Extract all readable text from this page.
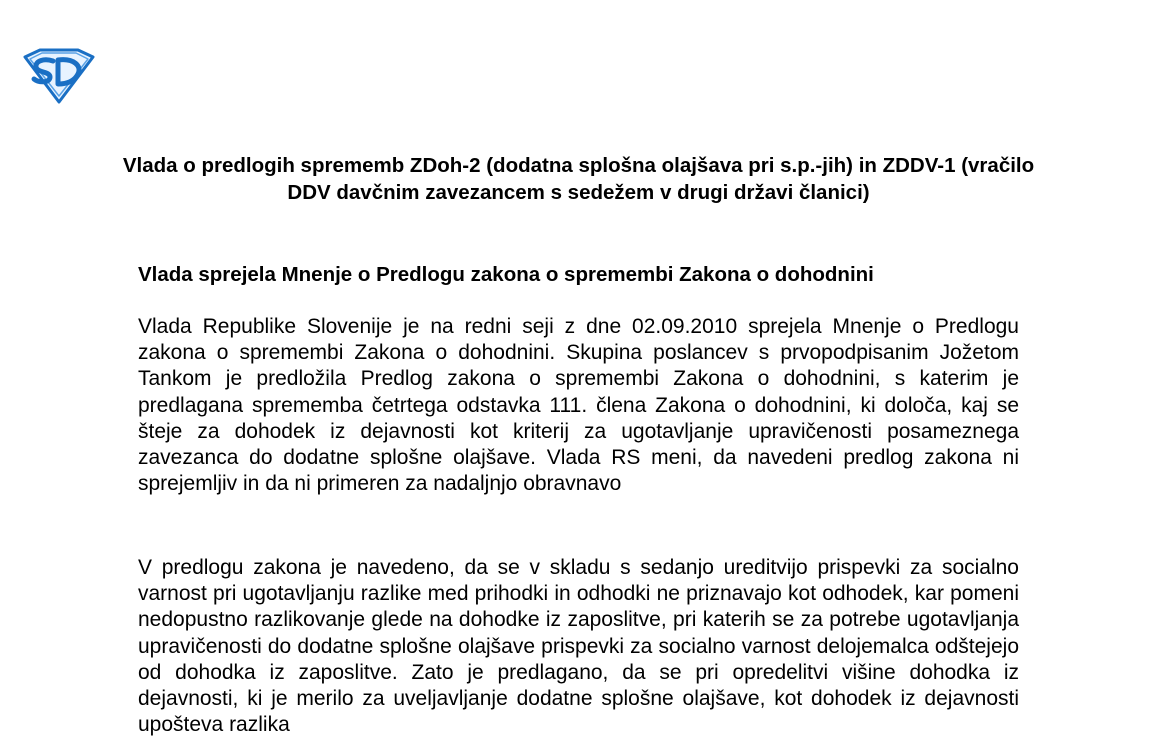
Vlada o predlogih sprememb ZDoh-2 (dodatna splošna olajšava pri s.p.-jih) in ZDDV-1 (vračilo DDV davčnim zavezancem s sedežem v drugi državi članici)
Vlada sprejela Mnenje o Predlogu zakona o spremembi Zakona o dohodnini

Vlada Republike Slovenije je na redni seji z dne 02.09.2010 sprejela Mnenje o Predlogu zakona o spremembi Zakona o dohodnini. Skupina poslancev s prvopodpisanim Jožetom Tankom je predložila Predlog zakona o spremembi Zakona o dohodnini, s katerim je predlagana sprememba četrtega odstavka 111. člena Zakona o dohodnini, ki določa, kaj se šteje za dohodek iz dejavnosti kot kriterij za ugotavljanje upravičenosti posameznega zavezanca do dodatne splošne olajšave. Vlada RS meni, da navedeni predlog zakona ni sprejemljiv in da ni primeren za nadaljnjo obravnavo

V predlogu zakona je navedeno, da se v skladu s sedanjo ureditvijo prispevki za socialno varnost pri ugotavljanju razlike med prihodki in odhodki ne priznavajo kot odhodek, kar pomeni nedopustno razlikovanje glede na dohodke iz zaposlitve, pri katerih se za potrebe ugotavljanja upravičenosti do dodatne splošne olajšave prispevki za socialno varnost delojemalca odštejejo od dohodka iz zaposlitve. Zato je predlagano, da se pri opredelitvi višine dohodka iz dejavnosti, ki je merilo za uveljavljanje dodatne splošne olajšave, kot dohodek iz dejavnosti upošteva razlika
